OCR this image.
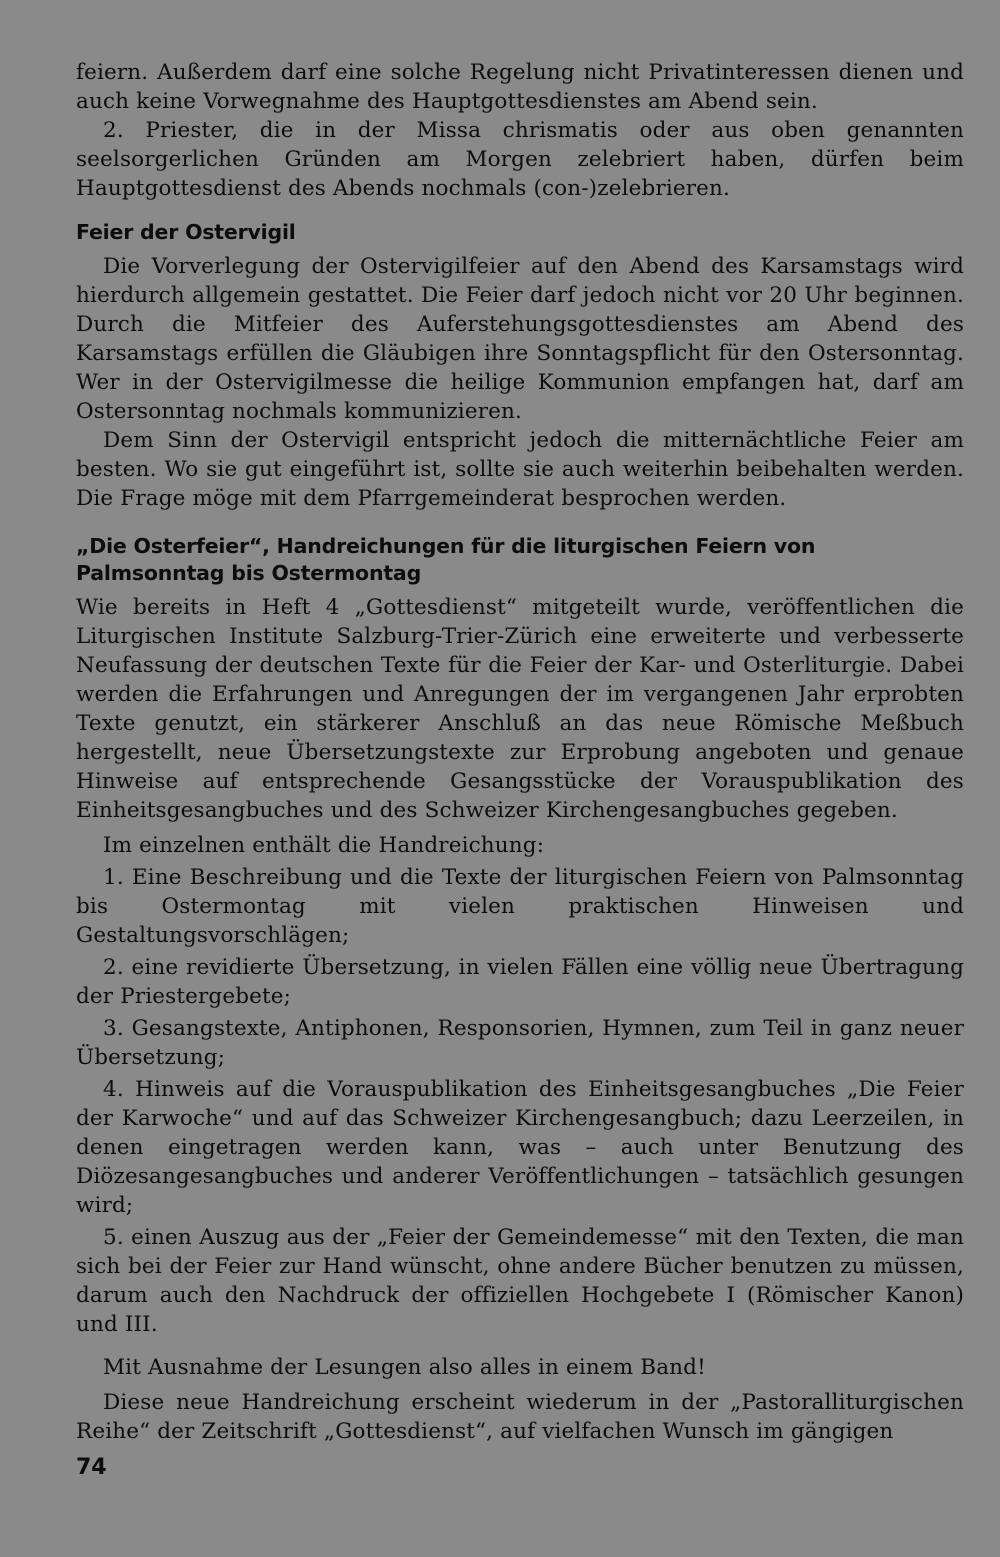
feiern. Außerdem darf eine solche Regelung nicht Privatinteressen dienen und auch keine Vorwegnahme des Hauptgottesdienstes am Abend sein.

2. Priester, die in der Missa chrismatis oder aus oben genannten seelsorgerlichen Gründen am Morgen zelebriert haben, dürfen beim Hauptgottesdienst des Abends nochmals (con-)zelebrieren.

Feier der Ostervigil

Die Vorverlegung der Ostervigilfeier auf den Abend des Karsamstags wird hierdurch allgemein gestattet. Die Feier darf jedoch nicht vor 20 Uhr beginnen. Durch die Mitfeier des Auferstehungsgottesdienstes am Abend des Karsamstags erfüllen die Gläubigen ihre Sonntagspflicht für den Ostersonntag. Wer in der Ostervigilmesse die heilige Kommunion empfangen hat, darf am Ostersonntag nochmals kommunizieren.

Dem Sinn der Ostervigil entspricht jedoch die mitternächtliche Feier am besten. Wo sie gut eingeführt ist, sollte sie auch weiterhin beibehalten werden. Die Frage möge mit dem Pfarrgemeinderat besprochen werden.

„Die Osterfeier“, Handreichungen für die liturgischen Feiern von Palmsonntag bis Ostermontag

Wie bereits in Heft 4 „Gottesdienst“ mitgeteilt wurde, veröffentlichen die Liturgischen Institute Salzburg-Trier-Zürich eine erweiterte und verbesserte Neufassung der deutschen Texte für die Feier der Kar- und Osterliturgie. Dabei werden die Erfahrungen und Anregungen der im vergangenen Jahr erprobten Texte genutzt, ein stärkerer Anschluß an das neue Römische Meßbuch hergestellt, neue Übersetzungstexte zur Erprobung angeboten und genaue Hinweise auf entsprechende Gesangsstücke der Vorauspublikation des Einheitsgesangbuches und des Schweizer Kirchengesangbuches gegeben.

Im einzelnen enthält die Handreichung:

1. Eine Beschreibung und die Texte der liturgischen Feiern von Palmsonntag bis Ostermontag mit vielen praktischen Hinweisen und Gestaltungsvorschlägen;

2. eine revidierte Übersetzung, in vielen Fällen eine völlig neue Übertragung der Priestergebete;

3. Gesangstexte, Antiphonen, Responsorien, Hymnen, zum Teil in ganz neuer Übersetzung;

4. Hinweis auf die Vorauspublikation des Einheitsgesangbuches „Die Feier der Karwoche“ und auf das Schweizer Kirchengesangbuch; dazu Leerzeilen, in denen eingetragen werden kann, was – auch unter Benutzung des Diözesangesangbuches und anderer Veröffentlichungen – tatsächlich gesungen wird;

5. einen Auszug aus der „Feier der Gemeindemesse“ mit den Texten, die man sich bei der Feier zur Hand wünscht, ohne andere Bücher benutzen zu müssen, darum auch den Nachdruck der offiziellen Hochgebete I (Römischer Kanon) und III.

Mit Ausnahme der Lesungen also alles in einem Band!

Diese neue Handreichung erscheint wiederum in der „Pastoralliturgischen Reihe“ der Zeitschrift „Gottesdienst“, auf vielfachen Wunsch im gängigen

74
